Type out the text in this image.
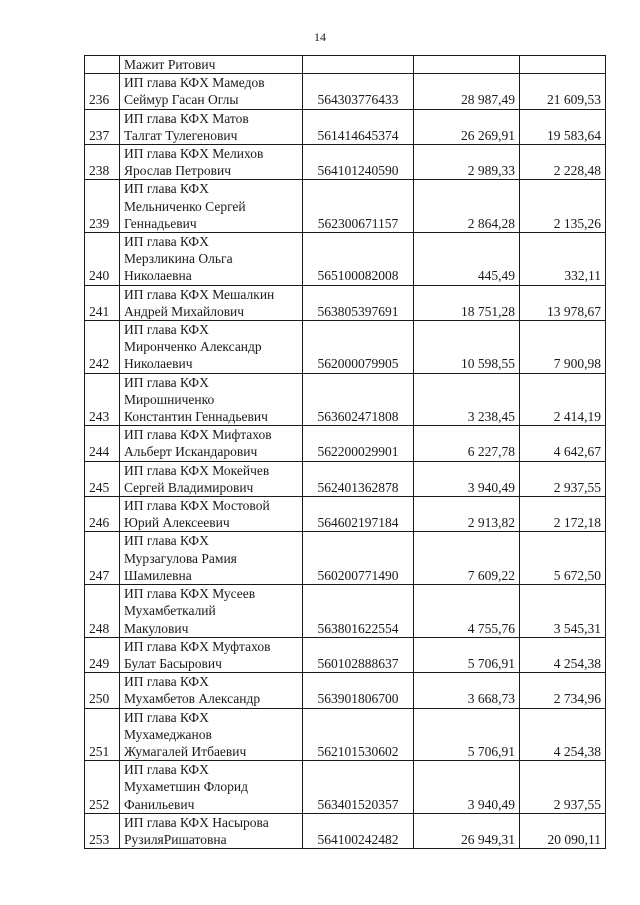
14
	Мажит Ритович			
236	ИП глава КФХ Мамедов
Сеймур Гасан Оглы	564303776433	28 987,49	21 609,53
237	ИП глава КФХ Матов
Талгат Тулегенович	561414645374	26 269,91	19 583,64
238	ИП глава КФХ Мелихов
Ярослав Петрович	564101240590	2 989,33	2 228,48
239	ИП глава КФХ
Мельниченко Сергей
Геннадьевич	562300671157	2 864,28	2 135,26
240	ИП глава КФХ
Мерзликина Ольга
Николаевна	565100082008	445,49	332,11
241	ИП глава КФХ Мешалкин
Андрей Михайлович	563805397691	18 751,28	13 978,67
242	ИП глава КФХ
Миронченко Александр
Николаевич	562000079905	10 598,55	7 900,98
243	ИП глава КФХ
Мирошниченко
Константин Геннадьевич	563602471808	3 238,45	2 414,19
244	ИП глава КФХ Мифтахов
Альберт Искандарович	562200029901	6 227,78	4 642,67
245	ИП глава КФХ Мокейчев
Сергей Владимирович	562401362878	3 940,49	2 937,55
246	ИП глава КФХ Мостовой
Юрий Алексеевич	564602197184	2 913,82	2 172,18
247	ИП глава КФХ
Мурзагулова Рамия
Шамилевна	560200771490	7 609,22	5 672,50
248	ИП глава КФХ Мусеев
Мухамбеткалий
Макулович	563801622554	4 755,76	3 545,31
249	ИП глава КФХ Муфтахов
Булат Басырович	560102888637	5 706,91	4 254,38
250	ИП глава КФХ
Мухамбетов Александр	563901806700	3 668,73	2 734,96
251	ИП глава КФХ
Мухамеджанов
Жумагалей Итбаевич	562101530602	5 706,91	4 254,38
252	ИП глава КФХ
Мухаметшин Флорид
Фанильевич	563401520357	3 940,49	2 937,55
253	ИП глава КФХ Насырова
РузиляРишатовна	564100242482	26 949,31	20 090,11
